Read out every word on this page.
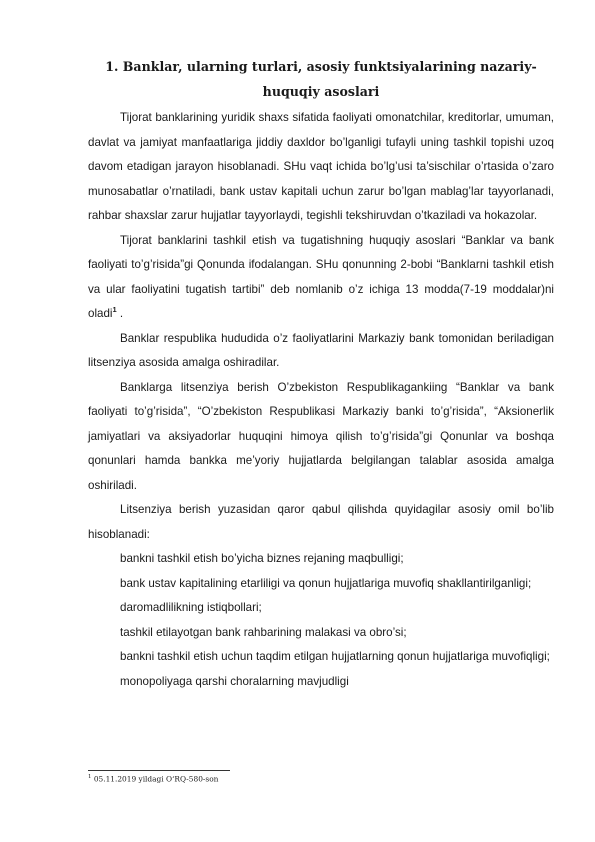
1. Banklar, ularning turlari, asosiy funktsiyalarining nazariy-
huquqiy asoslari

Tijorat banklarining yuridik shaxs sifatida faoliyati omonatchilar, kreditorlar, umuman, davlat va jamiyat manfaatlariga jiddiy daxldor bo’lganligi tufayli uning tashkil topishi uzoq davom etadigan jarayon hisoblanadi. SHu vaqt ichida bo’lg’usi ta’sischilar o’rtasida o’zaro munosabatlar o’rnatiladi, bank ustav kapitali uchun zarur bo’lgan mablag’lar tayyorlanadi, rahbar shaxslar zarur hujjatlar tayyorlaydi, tegishli tekshiruvdan o’tkaziladi va hokazolar.

Tijorat banklarini tashkil etish va tugatishning huquqiy asoslari “Banklar va bank faoliyati to’g’risida”gi Qonunda ifodalangan. SHu qonunning 2-bobi “Banklarni tashkil etish va ular faoliyatini tugatish tartibi” deb nomlanib o’z ichiga 13 modda(7-19 moddalar)ni oladi$^1$ .

Banklar respublika hududida o’z faoliyatlarini Markaziy bank tomonidan beriladigan litsenziya asosida amalga oshiradilar.

Banklarga litsenziya berish O’zbekiston Respublikagankiing “Banklar va bank faoliyati to’g’risida”, “O’zbekiston Respublikasi Markaziy banki to’g’risida”, “Aksionerlik jamiyatlari va aksiyadorlar huquqini himoya qilish to’g’risida”gi Qonunlar va boshqa qonunlari hamda bankka me’yoriy hujjatlarda belgilangan talablar asosida amalga oshiriladi.

Litsenziya berish yuzasidan qaror qabul qilishda quyidagilar asosiy omil bo’lib hisoblanadi:

bankni tashkil etish bo’yicha biznes rejaning maqbulligi;

bank ustav kapitalining etarliligi va qonun hujjatlariga muvofiq shakllantirilganligi;

daromadlilikning istiqbollari;

tashkil etilayotgan bank rahbarining malakasi va obro’si;

bankni tashkil etish uchun taqdim etilgan hujjatlarning qonun hujjatlariga muvofiqligi;

monopoliyaga qarshi choralarning mavjudligi

$^1$ 05.11.2019 yildagi O‘RQ-580-son
